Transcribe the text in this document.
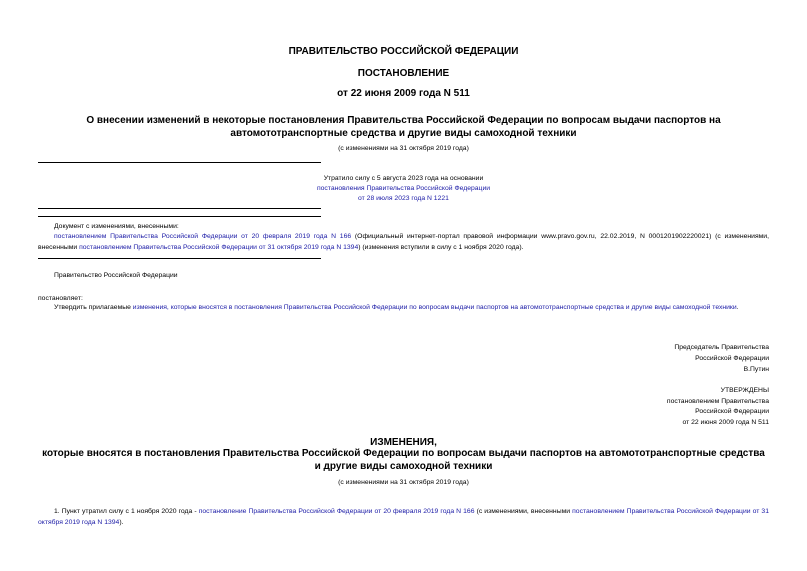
ПРАВИТЕЛЬСТВО РОССИЙСКОЙ ФЕДЕРАЦИИ
ПОСТАНОВЛЕНИЕ
от 22 июня 2009 года N 511
О внесении изменений в некоторые постановления Правительства Российской Федерации по вопросам выдачи паспортов на автомототранспортные средства и другие виды самоходной техники
(с изменениями на 31 октября 2019 года)
Утратило силу с 5 августа 2023 года на основании
постановления Правительства Российской Федерации
от 28 июля 2023 года N 1221
Документ с изменениями, внесенными:
постановлением Правительства Российской Федерации от 20 февраля 2019 года N 166 (Официальный интернет-портал правовой информации www.pravo.gov.ru, 22.02.2019, N 0001201902220021) (с изменениями, внесенными постановлением Правительства Российской Федерации от 31 октября 2019 года N 1394) (изменения вступили в силу с 1 ноября 2020 года).
Правительство Российской Федерации
постановляет:
Утвердить прилагаемые изменения, которые вносятся в постановления Правительства Российской Федерации по вопросам выдачи паспортов на автомототранспортные средства и другие виды самоходной техники.
Председатель Правительства
Российской Федерации
В.Путин
УТВЕРЖДЕНЫ
постановлением Правительства
Российской Федерации
от 22 июня 2009 года N 511
ИЗМЕНЕНИЯ,
которые вносятся в постановления Правительства Российской Федерации по вопросам выдачи паспортов на автомототранспортные средства и другие виды самоходной техники
(с изменениями на 31 октября 2019 года)
1. Пункт утратил силу с 1 ноября 2020 года - постановление Правительства Российской Федерации от 20 февраля 2019 года N 166 (с изменениями, внесенными постановлением Правительства Российской Федерации от 31 октября 2019 года N 1394).
